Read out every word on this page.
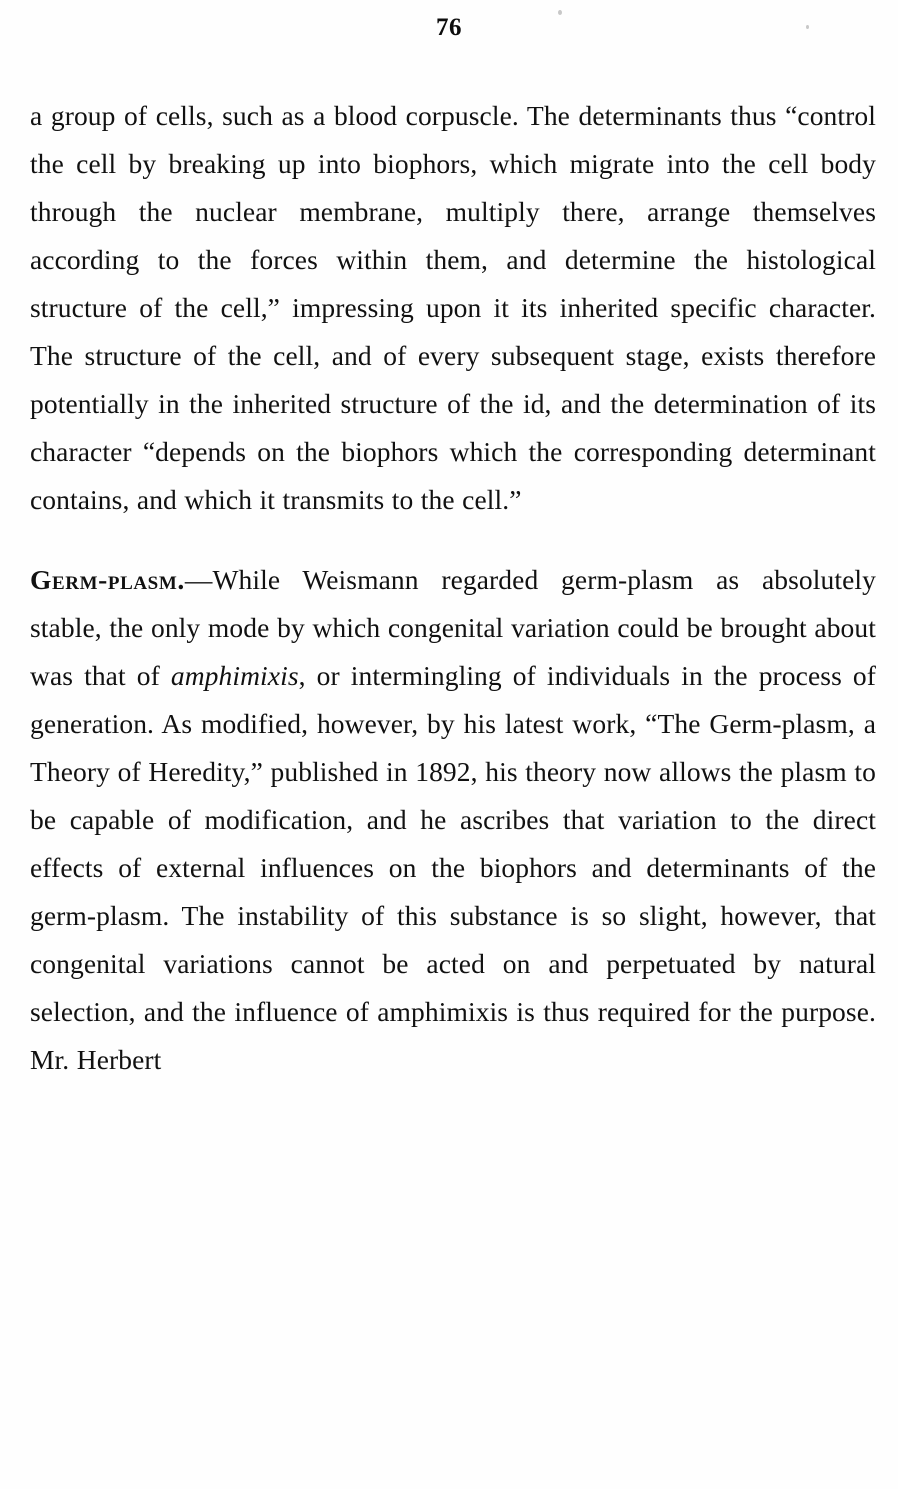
76

a group of cells, such as a blood corpuscle. The determinants thus “control the cell by breaking up into biophors, which migrate into the cell body through the nuclear membrane, multiply there, arrange themselves according to the forces within them, and determine the histological structure of the cell,” impressing upon it its inherited specific character. The structure of the cell, and of every subsequent stage, exists therefore potentially in the inherited structure of the id, and the determination of its character “depends on the biophors which the corresponding determinant contains, and which it transmits to the cell.”

Germ-plasm.—While Weismann regarded germ-plasm as absolutely stable, the only mode by which congenital variation could be brought about was that of amphimixis, or intermingling of individuals in the process of generation. As modified, however, by his latest work, “The Germ-plasm, a Theory of Heredity,” published in 1892, his theory now allows the plasm to be capable of modification, and he ascribes that variation to the direct effects of external influences on the biophors and determinants of the germ-plasm. The instability of this substance is so slight, however, that congenital variations cannot be acted on and perpetuated by natural selection, and the influence of amphimixis is thus required for the purpose. Mr. Herbert
